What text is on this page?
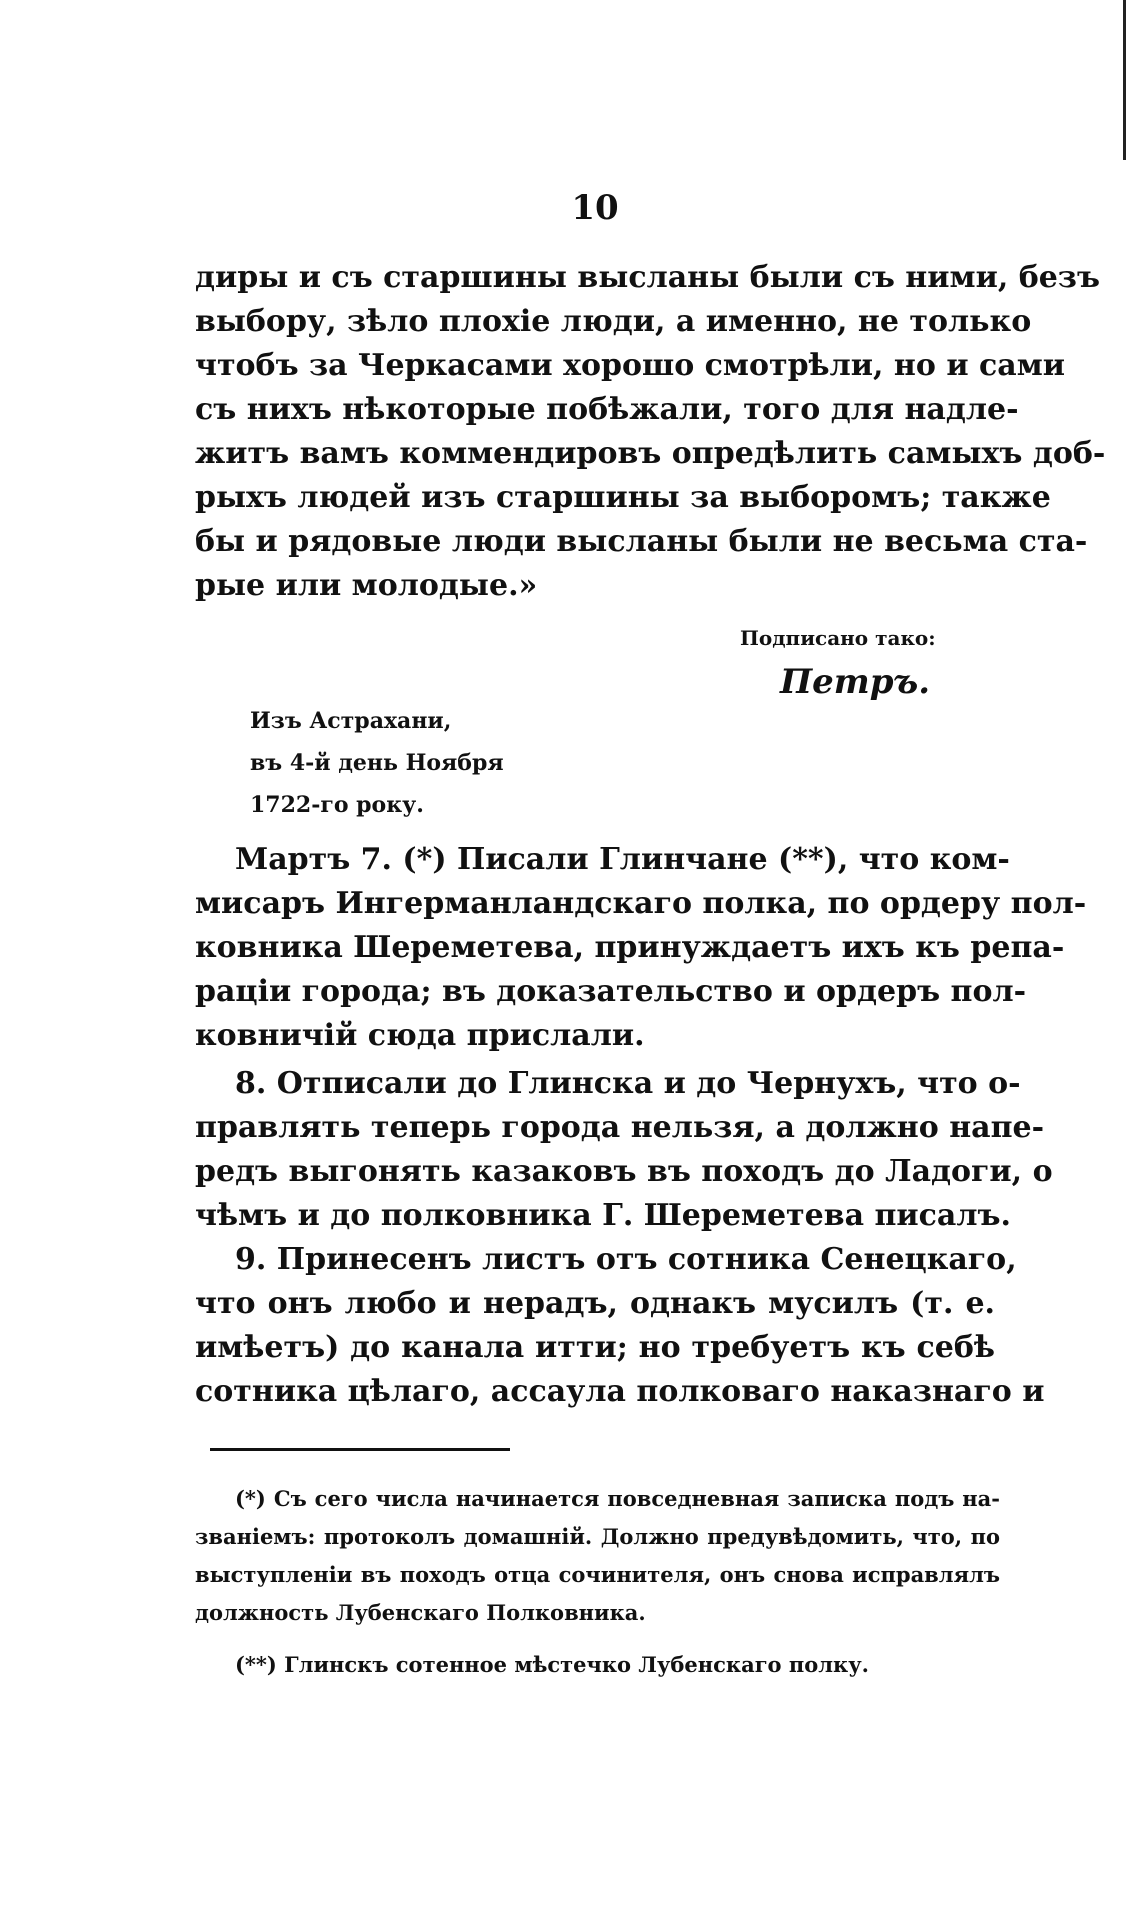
10
диры и съ старшины высланы были съ ними, безъ
выбору, зѣло плохіе люди, а именно, не только
чтобъ за Черкасами хорошо смотрѣли, но и сами
съ нихъ нѣкоторые побѣжали, того для надле-
житъ вамъ коммендировъ опредѣлить самыхъ доб-
рыхъ людей изъ старшины за выборомъ; также
бы и рядовые люди высланы были не весьма ста-
рые или молодые.»
Подписано тако:
Петръ.
Изъ Астрахани,
въ 4-й день Ноября
1722-го року.
Мартъ 7. (*) Писали Глинчане (**), что ком-
мисаръ Ингерманландскаго полка, по ордеру пол-
ковника Шереметева, принуждаетъ ихъ къ репа-
раціи города; въ доказательство и ордеръ пол-
ковничій сюда прислали.
8. Отписали до Глинска и до Чернухъ, что о-
правлять теперь города нельзя, а должно напе-
редъ выгонять казаковъ въ походъ до Ладоги, о
чѣмъ и до полковника Г. Шереметева писалъ.
9. Принесенъ листъ отъ сотника Сенецкаго,
что онъ любо и нерадъ, однакъ мусилъ (т. е.
имѣетъ) до канала итти; но требуетъ къ себѣ
сотника цѣлаго, ассаула полковаго наказнаго и
(*) Съ сего числа начинается повседневная записка подъ на-
званіемъ: протоколъ домашній. Должно предувѣдомить, что, по
выступленіи въ походъ отца сочинителя, онъ снова исправлялъ
должность Лубенскаго Полковника.
(**) Глинскъ сотенное мѣстечко Лубенскаго полку.
